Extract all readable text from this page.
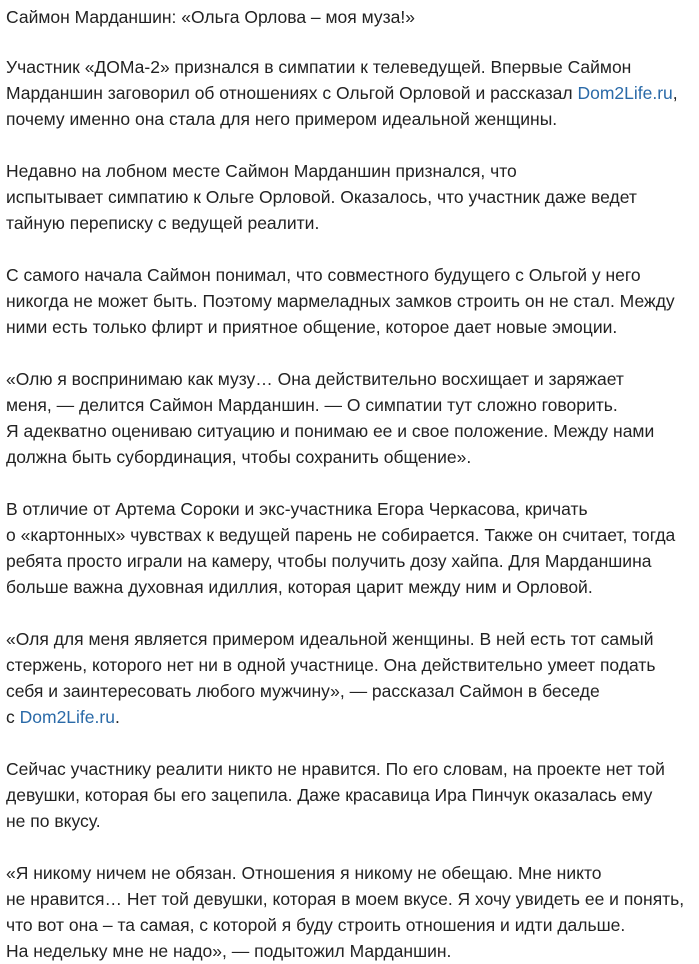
Саймон Марданшин: «Ольга Орлова – моя муза!»
Участник «ДОМа-2» признался в симпатии к телеведущей. Впервые Саймон
Марданшин заговорил об отношениях с Ольгой Орловой и рассказал Dom2Life.ru,
почему именно она стала для него примером идеальной женщины.
Недавно на лобном месте Саймон Марданшин признался, что
испытывает симпатию к Ольге Орловой. Оказалось, что участник даже ведет
тайную переписку с ведущей реалити.
С самого начала Саймон понимал, что совместного будущего с Ольгой у него
никогда не может быть. Поэтому мармеладных замков строить он не стал. Между
ними есть только флирт и приятное общение, которое дает новые эмоции.
«Олю я воспринимаю как музу… Она действительно восхищает и заряжает
меня, — делится Саймон Марданшин. — О симпатии тут сложно говорить.
Я адекватно оцениваю ситуацию и понимаю ее и свое положение. Между нами
должна быть субординация, чтобы сохранить общение».
В отличие от Артема Сороки и экс-участника Егора Черкасова, кричать
о «картонных» чувствах к ведущей парень не собирается. Также он считает, тогда
ребята просто играли на камеру, чтобы получить дозу хайпа. Для Марданшина
больше важна духовная идиллия, которая царит между ним и Орловой.
«Оля для меня является примером идеальной женщины. В ней есть тот самый
стержень, которого нет ни в одной участнице. Она действительно умеет подать
себя и заинтересовать любого мужчину», — рассказал Саймон в беседе
с Dom2Life.ru.
Сейчас участнику реалити никто не нравится. По его словам, на проекте нет той
девушки, которая бы его зацепила. Даже красавица Ира Пинчук оказалась ему
не по вкусу.
«Я никому ничем не обязан. Отношения я никому не обещаю. Мне никто
не нравится… Нет той девушки, которая в моем вкусе. Я хочу увидеть ее и понять,
что вот она – та самая, с которой я буду строить отношения и идти дальше.
На недельку мне не надо», — подытожил Марданшин.
